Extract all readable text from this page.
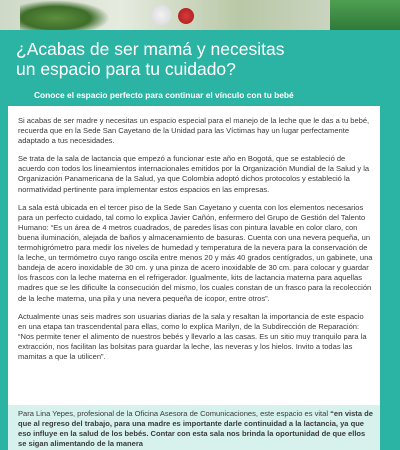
¿Acabas de ser mamá y necesitas
un espacio para tu cuidado?
Conoce el espacio perfecto para continuar el vínculo con tu bebé

Si acabas de ser madre y necesitas un espacio especial para el manejo de la leche que le das a tu bebé, recuerda que en la Sede San Cayetano de la Unidad para las Víctimas hay un lugar perfectamente adaptado a tus necesidades.

Se trata de la sala de lactancia que empezó a funcionar este año en Bogotá, que se estableció de acuerdo con todos los lineamientos internacionales emitidos por la Organización Mundial de la Salud y la Organización Panamericana de la Salud, ya que Colombia adoptó dichos protocolos y estableció la normatividad pertinente para implementar estos espacios en las empresas.

La sala está ubicada en el tercer piso de la Sede San Cayetano y cuenta con los elementos necesarios para un perfecto cuidado, tal como lo explica Javier Cañón, enfermero del Grupo de Gestión del Talento Humano: “Es un área de 4 metros cuadrados, de paredes lisas con pintura lavable en color claro, con buena iluminación, alejada de baños y almacenamiento de basuras. Cuenta con una nevera pequeña, un termohigrómetro para medir los niveles de humedad y temperatura de la nevera para la conservación de la leche, un termómetro cuyo rango oscila entre menos 20 y más 40 grados centígrados, un gabinete, una bandeja de acero inoxidable de 30 cm. y una pinza de acero inoxidable de 30 cm. para colocar y guardar los frascos con la leche materna en el refrigerador. Igualmente, kits de lactancia materna para aquellas madres que se les dificulte la consecución del mismo, los cuales constan de un frasco para la recolección de la leche materna, una pila y una nevera pequeña de icopor, entre otros”.

Actualmente unas seis madres son usuarias diarias de la sala y resaltan la importancia de este espacio en una etapa tan trascendental para ellas, como lo explica Marilyn, de la Subdirección de Reparación: “Nos permite tener el alimento de nuestros bebés y llevarlo a las casas. Es un sitio muy tranquilo para la extracción, nos facilitan las bolsitas para guardar la leche, las neveras y los hielos. Invito a todas las mamitas a que la utilicen”.

Para Lina Yepes, profesional de la Oficina Asesora de Comunicaciones, este espacio es vital “en vista de que al regreso del trabajo, para una madre es importante darle continuidad a la lactancia, ya que eso influye en la salud de los bebés. Contar con esta sala nos brinda la oportunidad de que ellos se sigan alimentando de la manera
